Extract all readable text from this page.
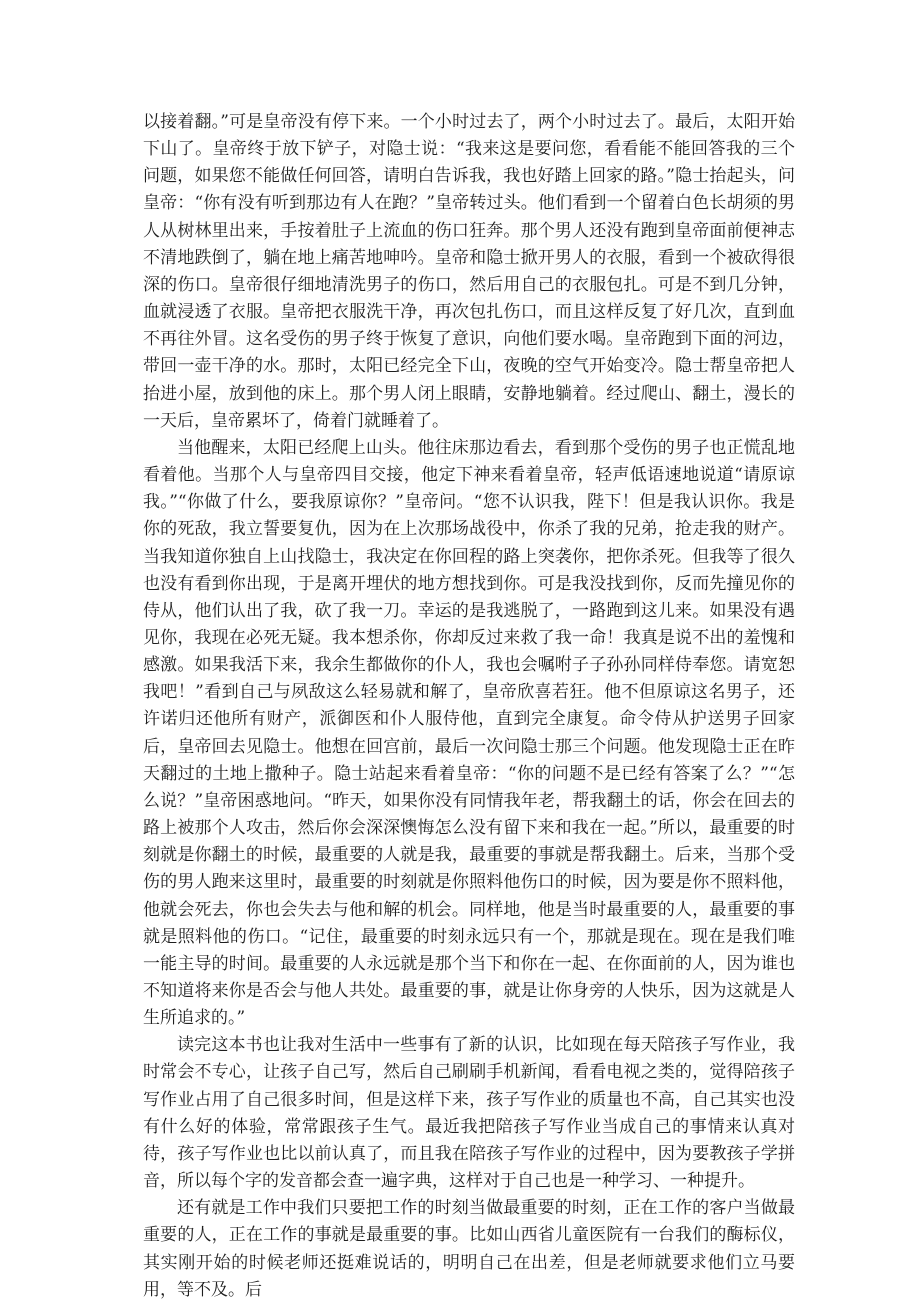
以接着翻。”可是皇帝没有停下来。一个小时过去了，两个小时过去了。最后，太阳开始下山了。皇帝终于放下铲子，对隐士说：“我来这是要问您，看看能不能回答我的三个问题，如果您不能做任何回答，请明白告诉我，我也好踏上回家的路。”隐士抬起头，问皇帝：“你有没有听到那边有人在跑？”皇帝转过头。他们看到一个留着白色长胡须的男人从树林里出来，手按着肚子上流血的伤口狂奔。那个男人还没有跑到皇帝面前便神志不清地跌倒了，躺在地上痛苦地呻吟。皇帝和隐士掀开男人的衣服，看到一个被砍得很深的伤口。皇帝很仔细地清洗男子的伤口，然后用自己的衣服包扎。可是不到几分钟，血就浸透了衣服。皇帝把衣服洗干净，再次包扎伤口，而且这样反复了好几次，直到血不再往外冒。这名受伤的男子终于恢复了意识，向他们要水喝。皇帝跑到下面的河边，带回一壶干净的水。那时，太阳已经完全下山，夜晚的空气开始变冷。隐士帮皇帝把人抬进小屋，放到他的床上。那个男人闭上眼睛，安静地躺着。经过爬山、翻土，漫长的一天后，皇帝累坏了，倚着门就睡着了。

当他醒来，太阳已经爬上山头。他往床那边看去，看到那个受伤的男子也正慌乱地看着他。当那个人与皇帝四目交接，他定下神来看着皇帝，轻声低语速地说道“请原谅我。”“你做了什么，要我原谅你？”皇帝问。“您不认识我，陛下！但是我认识你。我是你的死敌，我立誓要复仇，因为在上次那场战役中，你杀了我的兄弟，抢走我的财产。当我知道你独自上山找隐士，我决定在你回程的路上突袭你，把你杀死。但我等了很久也没有看到你出现，于是离开埋伏的地方想找到你。可是我没找到你，反而先撞见你的侍从，他们认出了我，砍了我一刀。幸运的是我逃脱了，一路跑到这儿来。如果没有遇见你，我现在必死无疑。我本想杀你，你却反过来救了我一命！我真是说不出的羞愧和感激。如果我活下来，我余生都做你的仆人，我也会嘱咐子子孙孙同样侍奉您。请宽恕我吧！”看到自己与夙敌这么轻易就和解了，皇帝欣喜若狂。他不但原谅这名男子，还许诺归还他所有财产，派御医和仆人服侍他，直到完全康复。命令侍从护送男子回家后，皇帝回去见隐士。他想在回宫前，最后一次问隐士那三个问题。他发现隐士正在昨天翻过的土地上撒种子。隐士站起来看着皇帝：“你的问题不是已经有答案了么？”“怎么说？”皇帝困惑地问。“昨天，如果你没有同情我年老，帮我翻土的话，你会在回去的路上被那个人攻击，然后你会深深懊悔怎么没有留下来和我在一起。”所以，最重要的时刻就是你翻土的时候，最重要的人就是我，最重要的事就是帮我翻土。后来，当那个受伤的男人跑来这里时，最重要的时刻就是你照料他伤口的时候，因为要是你不照料他，他就会死去，你也会失去与他和解的机会。同样地，他是当时最重要的人，最重要的事就是照料他的伤口。“记住，最重要的时刻永远只有一个，那就是现在。现在是我们唯一能主导的时间。最重要的人永远就是那个当下和你在一起、在你面前的人，因为谁也不知道将来你是否会与他人共处。最重要的事，就是让你身旁的人快乐，因为这就是人生所追求的。”

读完这本书也让我对生活中一些事有了新的认识，比如现在每天陪孩子写作业，我时常会不专心，让孩子自己写，然后自己刷刷手机新闻，看看电视之类的，觉得陪孩子写作业占用了自己很多时间，但是这样下来，孩子写作业的质量也不高，自己其实也没有什么好的体验，常常跟孩子生气。最近我把陪孩子写作业当成自己的事情来认真对待，孩子写作业也比以前认真了，而且我在陪孩子写作业的过程中，因为要教孩子学拼音，所以每个字的发音都会查一遍字典，这样对于自己也是一种学习、一种提升。

还有就是工作中我们只要把工作的时刻当做最重要的时刻，正在工作的客户当做最重要的人，正在工作的事就是最重要的事。比如山西省儿童医院有一台我们的酶标仪，其实刚开始的时候老师还挺难说话的，明明自己在出差，但是老师就要求他们立马要用，等不及。后
